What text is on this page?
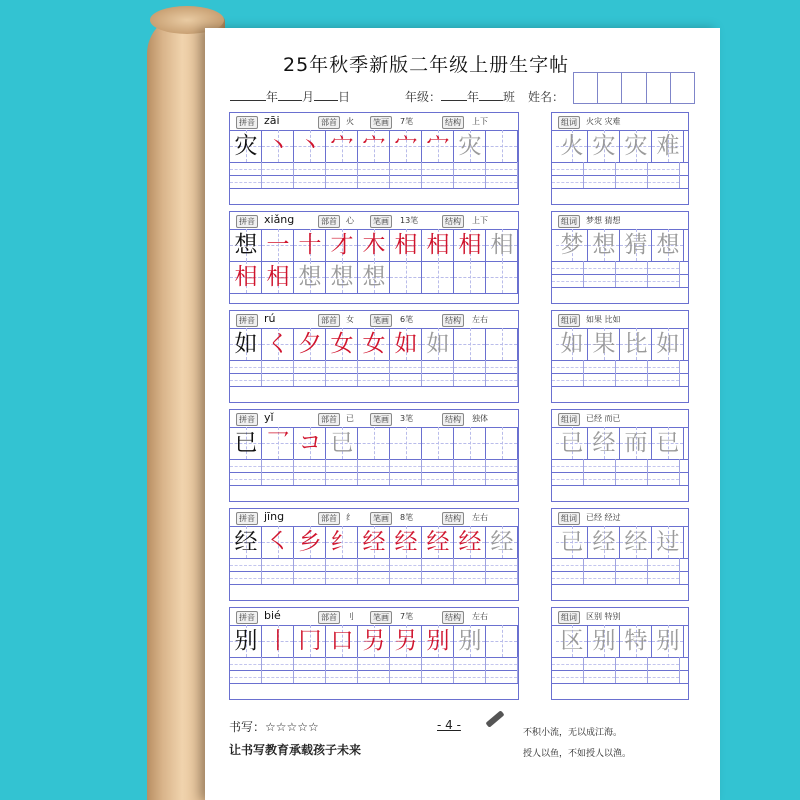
25年秋季新版二年级上册生字帖
年 月 日	年级： 年 班 姓名：
拼音 zāi	部首	火	笔画	7笔	结构	上下
灾 丶 丶 宀 宀 宀 宀 灾
组词	火灾 灾难
火 灾 灾 难
拼音 xiǎng	部首	心	笔画	13笔	结构	上下
想 一 十 才 木 相 相 相 相
相 相 想 想 想
组词	梦想 猜想
梦 想 猜 想
拼音 rú	部首	女	笔画	6笔	结构	左右
如 く 夕 女 女 如 如
组词	如果 比如
如 果 比 如
拼音 yǐ	部首	已	笔画	3笔	结构	独体
已 乛 コ 已
组词	已经 而已
已 经 而 已
拼音 jīng	部首	纟	笔画	8笔	结构	左右
经 ㇛ 乡 纟 经 经 经 经 经
组词	已经 经过
已 经 经 过
拼音 bié	部首	刂	笔画	7笔	结构	左右
别 丨 冂 口 另 另 别 别
组词	区别 特别
区 别 特 别
书写：☆☆☆☆☆	- 4 -
让书写教育承载孩子未来
不积小流，无以成江海。
授人以鱼，不如授人以渔。
